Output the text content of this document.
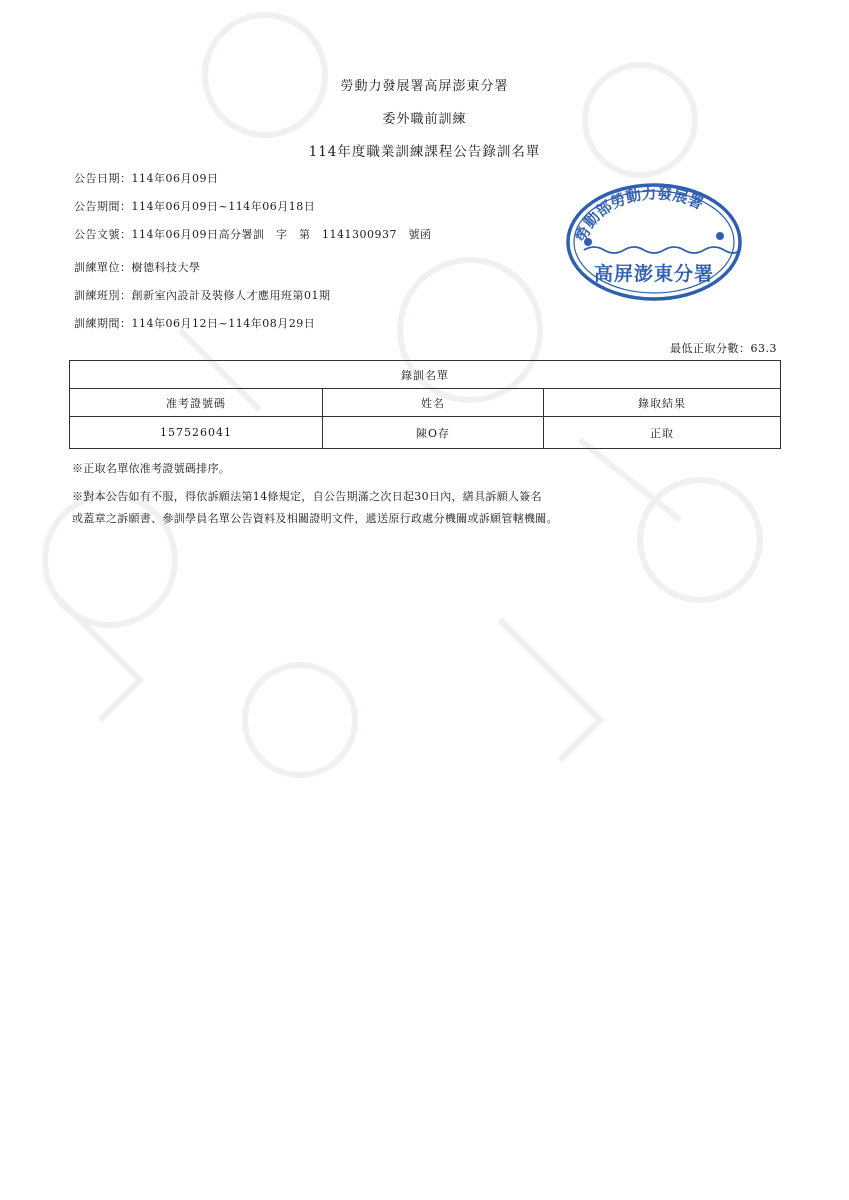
勞動力發展署高屏澎東分署
委外職前訓練
114年度職業訓練課程公告錄訓名單
公告日期：114年06月09日
公告期間：114年06月09日~114年06月18日
公告文號：114年06月09日高分署訓　字　第　1141300937　號函
訓練單位：樹德科技大學
訓練班別：創新室內設計及裝修人才應用班第01期
訓練期間：114年06月12日~114年08月29日
最低正取分數：63.3
錄訓名單		
准考證號碼	姓名	錄取結果
157526041	陳O存	正取
※正取名單依准考證號碼排序。
※對本公告如有不服，得依訴願法第14條規定，自公告期滿之次日起30日內，繕具訴願人簽名
或蓋章之訴願書、參訓學員名單公告資料及相關證明文件，遞送原行政處分機關或訴願管轄機關。
勞動部勞動力發展署
高屏澎東分署
